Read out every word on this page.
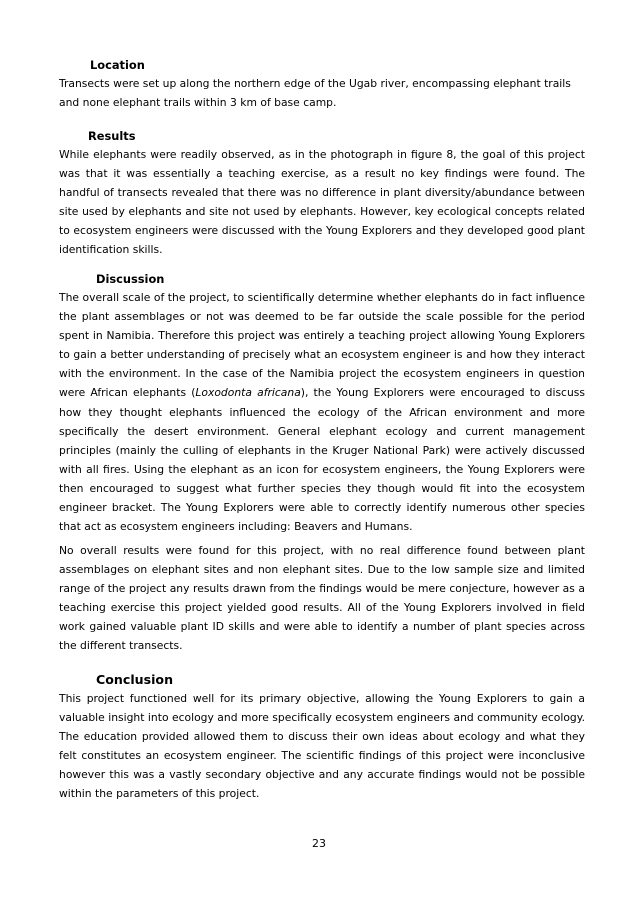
Location

Transects were set up along the northern edge of the Ugab river, encompassing elephant trails and none elephant trails within 3 km of base camp.

Results

While elephants were readily observed, as in the photograph in figure 8, the goal of this project was that it was essentially a teaching exercise, as a result no key findings were found. The handful of transects revealed that there was no difference in plant diversity/abundance between site used by elephants and site not used by elephants. However, key ecological concepts related to ecosystem engineers were discussed with the Young Explorers and they developed good plant identification skills.

Discussion

The overall scale of the project, to scientifically determine whether elephants do in fact influence the plant assemblages or not was deemed to be far outside the scale possible for the period spent in Namibia. Therefore this project was entirely a teaching project allowing Young Explorers to gain a better understanding of precisely what an ecosystem engineer is and how they interact with the environment. In the case of the Namibia project the ecosystem engineers in question were African elephants (Loxodonta africana), the Young Explorers were encouraged to discuss how they thought elephants influenced the ecology of the African environment and more specifically the desert environment. General elephant ecology and current management principles (mainly the culling of elephants in the Kruger National Park) were actively discussed with all fires. Using the elephant as an icon for ecosystem engineers, the Young Explorers were then encouraged to suggest what further species they though would fit into the ecosystem engineer bracket. The Young Explorers were able to correctly identify numerous other species that act as ecosystem engineers including: Beavers and Humans.

No overall results were found for this project, with no real difference found between plant assemblages on elephant sites and non elephant sites. Due to the low sample size and limited range of the project any results drawn from the findings would be mere conjecture, however as a teaching exercise this project yielded good results. All of the Young Explorers involved in field work gained valuable plant ID skills and were able to identify a number of plant species across the different transects.

Conclusion

This project functioned well for its primary objective, allowing the Young Explorers to gain a valuable insight into ecology and more specifically ecosystem engineers and community ecology. The education provided allowed them to discuss their own ideas about ecology and what they felt constitutes an ecosystem engineer. The scientific findings of this project were inconclusive however this was a vastly secondary objective and any accurate findings would not be possible within the parameters of this project.

23
